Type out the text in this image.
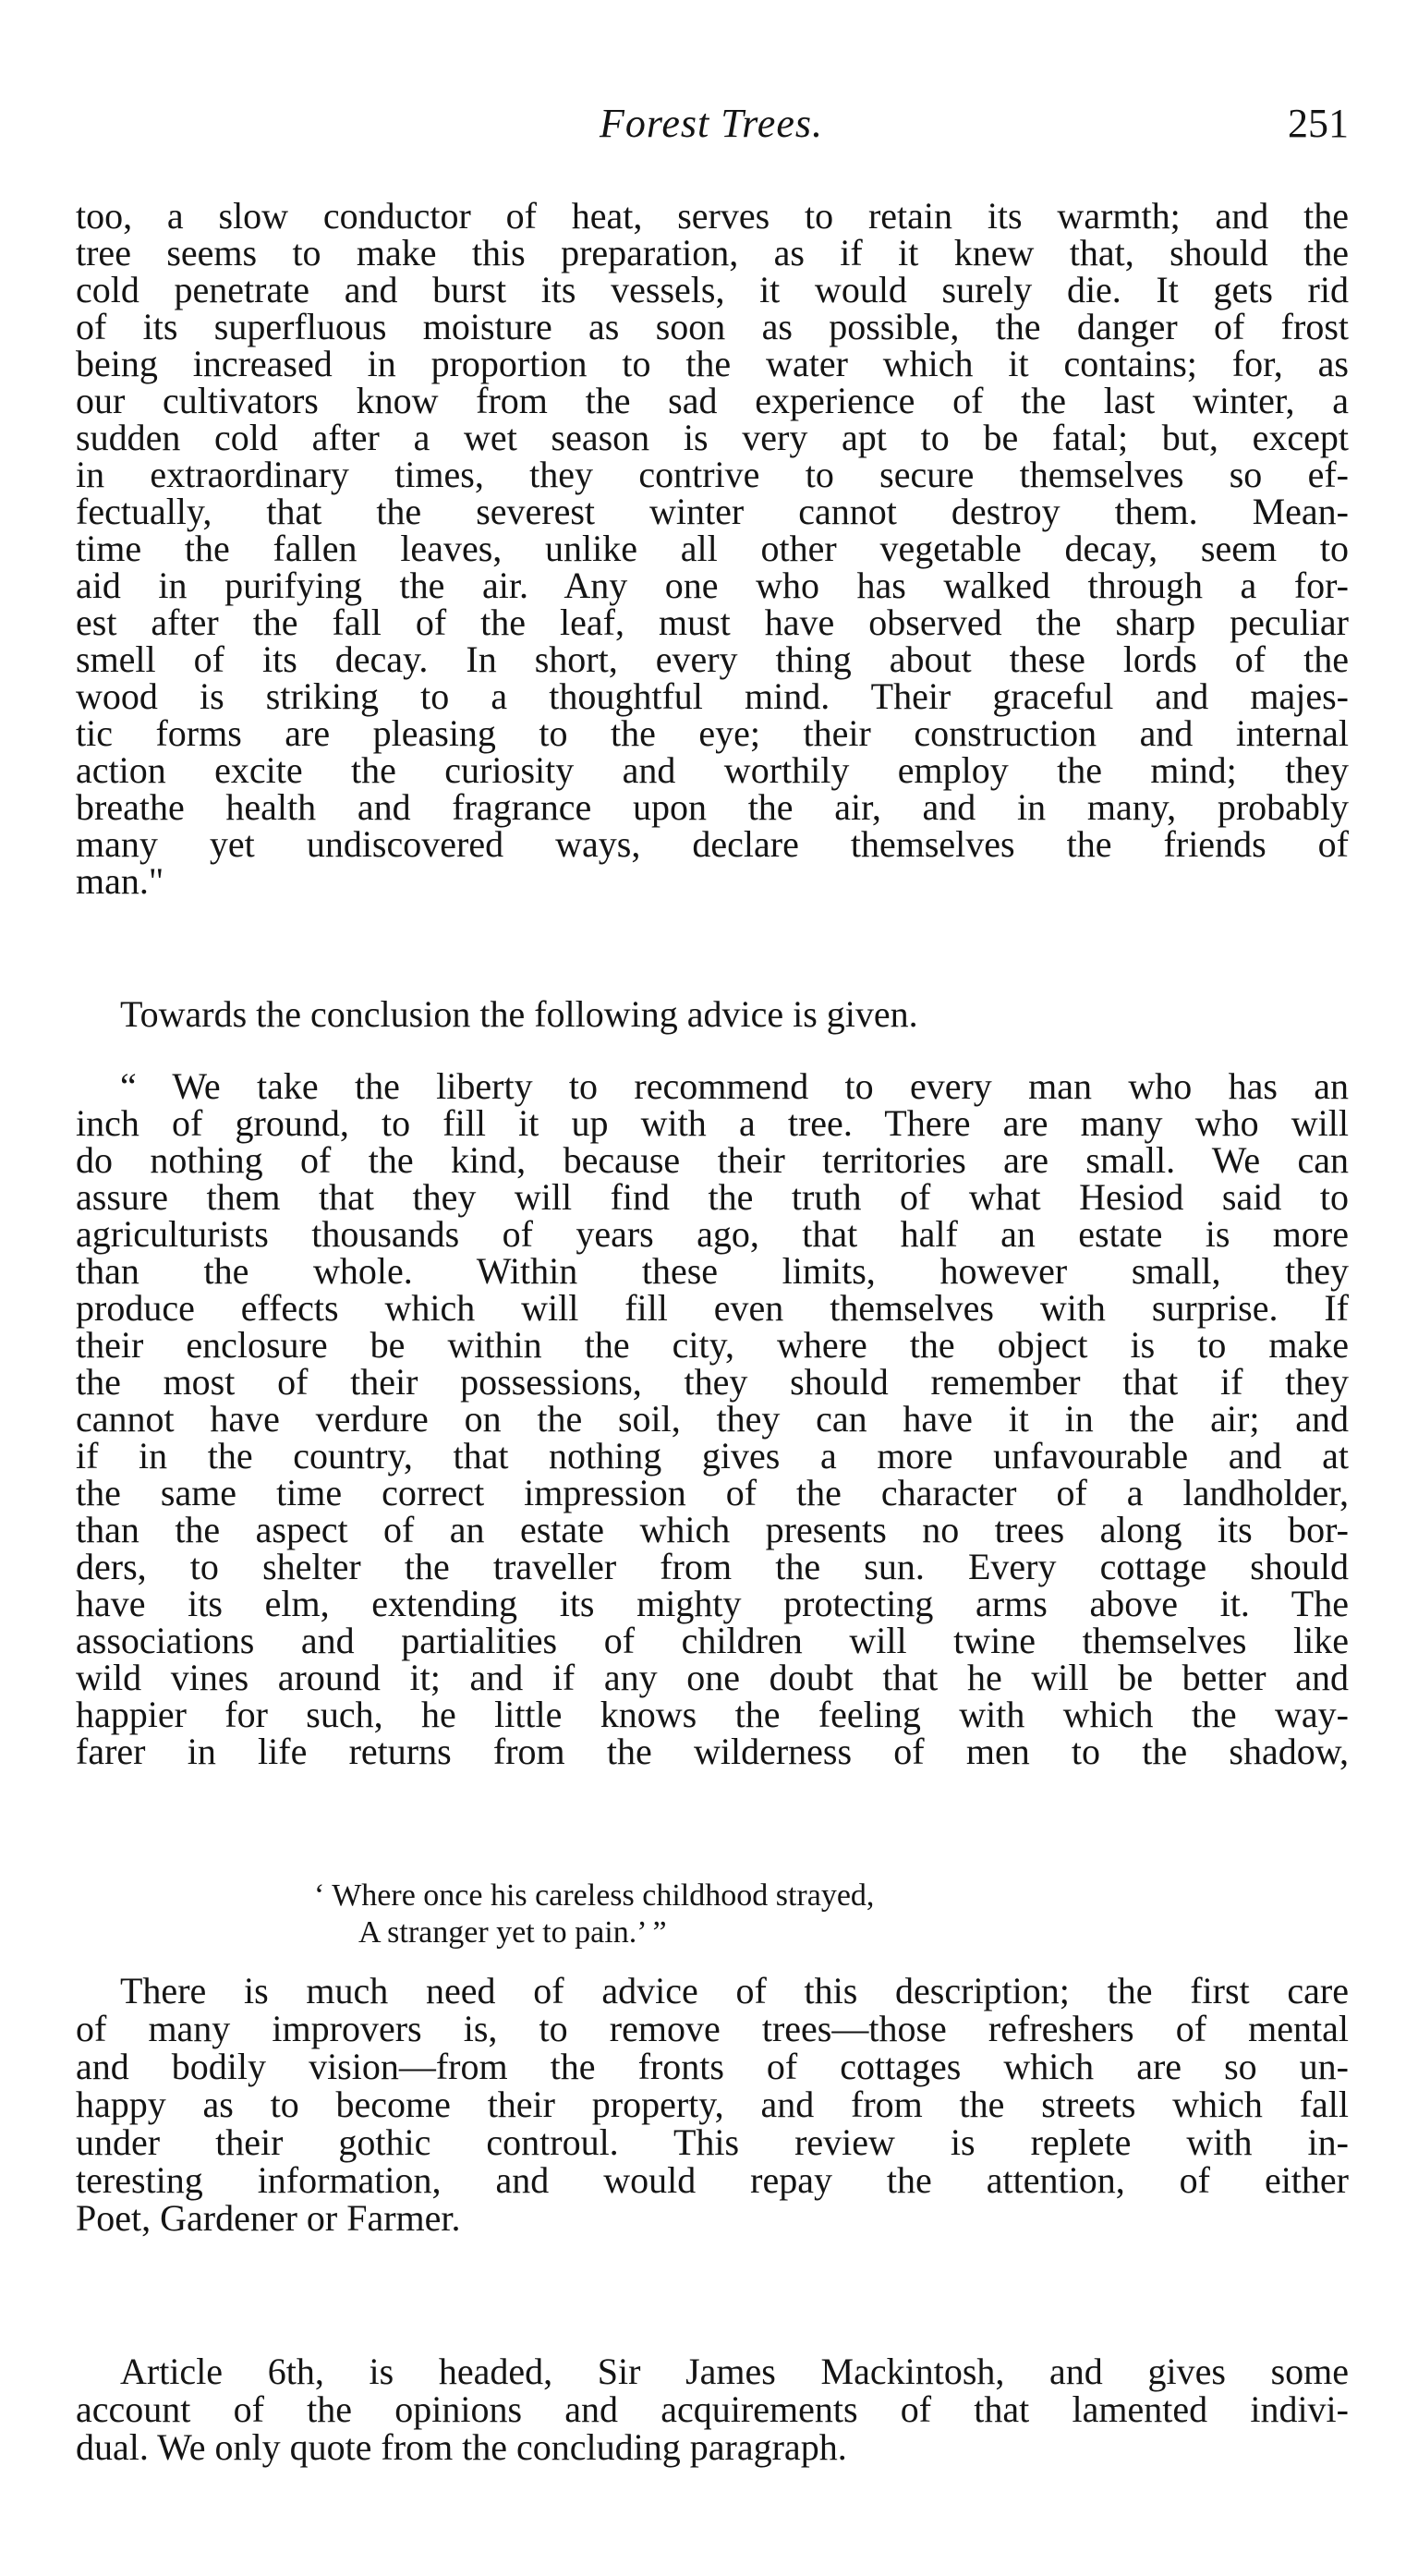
Forest Trees.	251
too, a slow conductor of heat, serves to retain its warmth; and the
tree seems to make this preparation, as if it knew that, should the
cold penetrate and burst its vessels, it would surely die. It gets rid
of its superfluous moisture as soon as possible, the danger of frost
being increased in proportion to the water which it contains; for, as
our cultivators know from the sad experience of the last winter, a
sudden cold after a wet season is very apt to be fatal; but, except
in extraordinary times, they contrive to secure themselves so ef-
fectually, that the severest winter cannot destroy them. Mean-
time the fallen leaves, unlike all other vegetable decay, seem to
aid in purifying the air. Any one who has walked through a for-
est after the fall of the leaf, must have observed the sharp peculiar
smell of its decay. In short, every thing about these lords of the
wood is striking to a thoughtful mind. Their graceful and majes-
tic forms are pleasing to the eye; their construction and internal
action excite the curiosity and worthily employ the mind; they
breathe health and fragrance upon the air, and in many, probably
many yet undiscovered ways, declare themselves the friends of
man."
Towards the conclusion the following advice is given.
“ We take the liberty to recommend to every man who has an
inch of ground, to fill it up with a tree. There are many who will
do nothing of the kind, because their territories are small. We can
assure them that they will find the truth of what Hesiod said to
agriculturists thousands of years ago, that half an estate is more
than the whole. Within these limits, however small, they
produce effects which will fill even themselves with surprise. If
their enclosure be within the city, where the object is to make
the most of their possessions, they should remember that if they
cannot have verdure on the soil, they can have it in the air; and
if in the country, that nothing gives a more unfavourable and at
the same time correct impression of the character of a landholder,
than the aspect of an estate which presents no trees along its bor-
ders, to shelter the traveller from the sun. Every cottage should
have its elm, extending its mighty protecting arms above it. The
associations and partialities of children will twine themselves like
wild vines around it; and if any one doubt that he will be better and
happier for such, he little knows the feeling with which the way-
farer in life returns from the wilderness of men to the shadow,
‘ Where once his careless childhood strayed,
A stranger yet to pain.’ ”
There is much need of advice of this description; the first care
of many improvers is, to remove trees—those refreshers of mental
and bodily vision—from the fronts of cottages which are so un-
happy as to become their property, and from the streets which fall
under their gothic controul. This review is replete with in-
teresting information, and would repay the attention, of either
Poet, Gardener or Farmer.
Article 6th, is headed, Sir James Mackintosh, and gives some
account of the opinions and acquirements of that lamented indivi-
dual. We only quote from the concluding paragraph.
